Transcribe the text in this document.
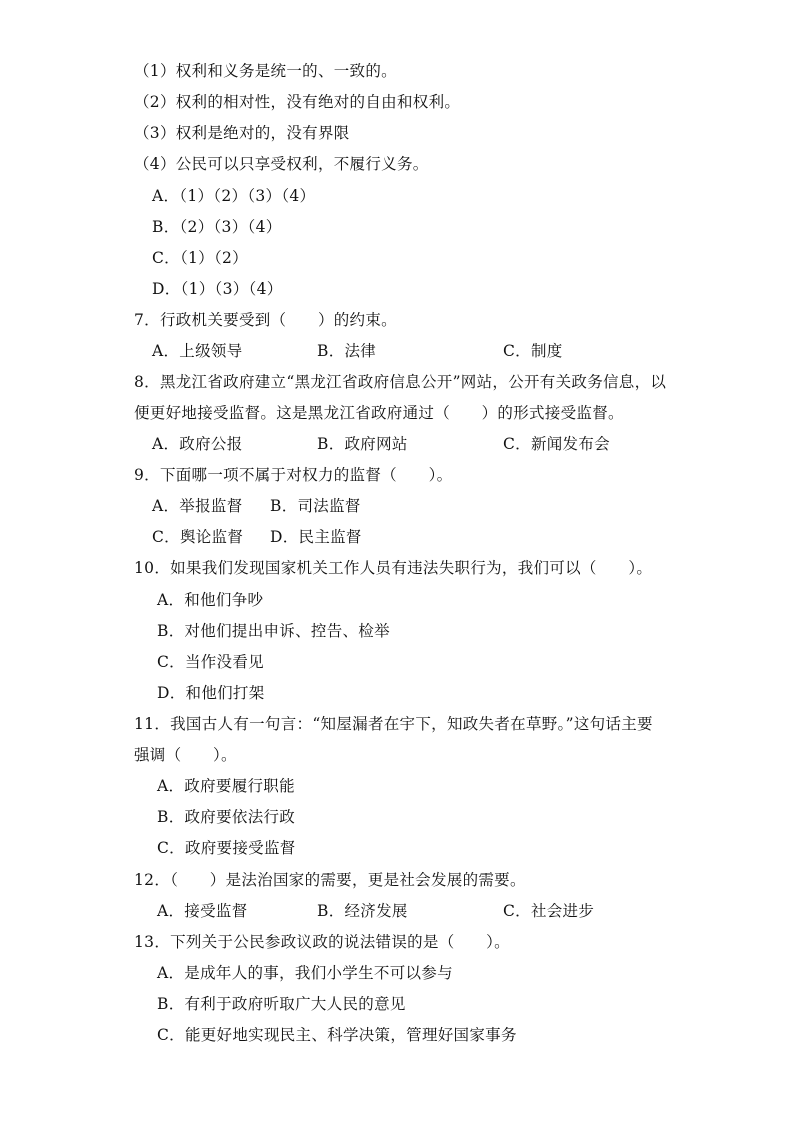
（1）权利和义务是统一的、一致的。
（2）权利的相对性，没有绝对的自由和权利。
（3）权利是绝对的，没有界限
（4）公民可以只享受权利，不履行义务。
A．（1）（2）（3）（4）
B．（2）（3）（4）
C．（1）（2）
D．（1）（3）（4）
7．行政机关要受到（　　）的约束。
A．上级领导	B．法律	C．制度
8．黑龙江省政府建立“黑龙江省政府信息公开”网站，公开有关政务信息，以
便更好地接受监督。这是黑龙江省政府通过（　　）的形式接受监督。
A．政府公报	B．政府网站	C．新闻发布会
9．下面哪一项不属于对权力的监督（　　）。
A．举报监督 B．司法监督
C．舆论监督 D．民主监督
10．如果我们发现国家机关工作人员有违法失职行为，我们可以（　　）。
A．和他们争吵
B．对他们提出申诉、控告、检举
C．当作没看见
D．和他们打架
11．我国古人有一句言：“知屋漏者在宇下，知政失者在草野。”这句话主要
强调（　　）。
A．政府要履行职能
B．政府要依法行政
C．政府要接受监督
12．（　　）是法治国家的需要，更是社会发展的需要。
A．接受监督	B．经济发展	C．社会进步
13．下列关于公民参政议政的说法错误的是（　　）。
A．是成年人的事，我们小学生不可以参与
B．有利于政府听取广大人民的意见
C．能更好地实现民主、科学决策，管理好国家事务
